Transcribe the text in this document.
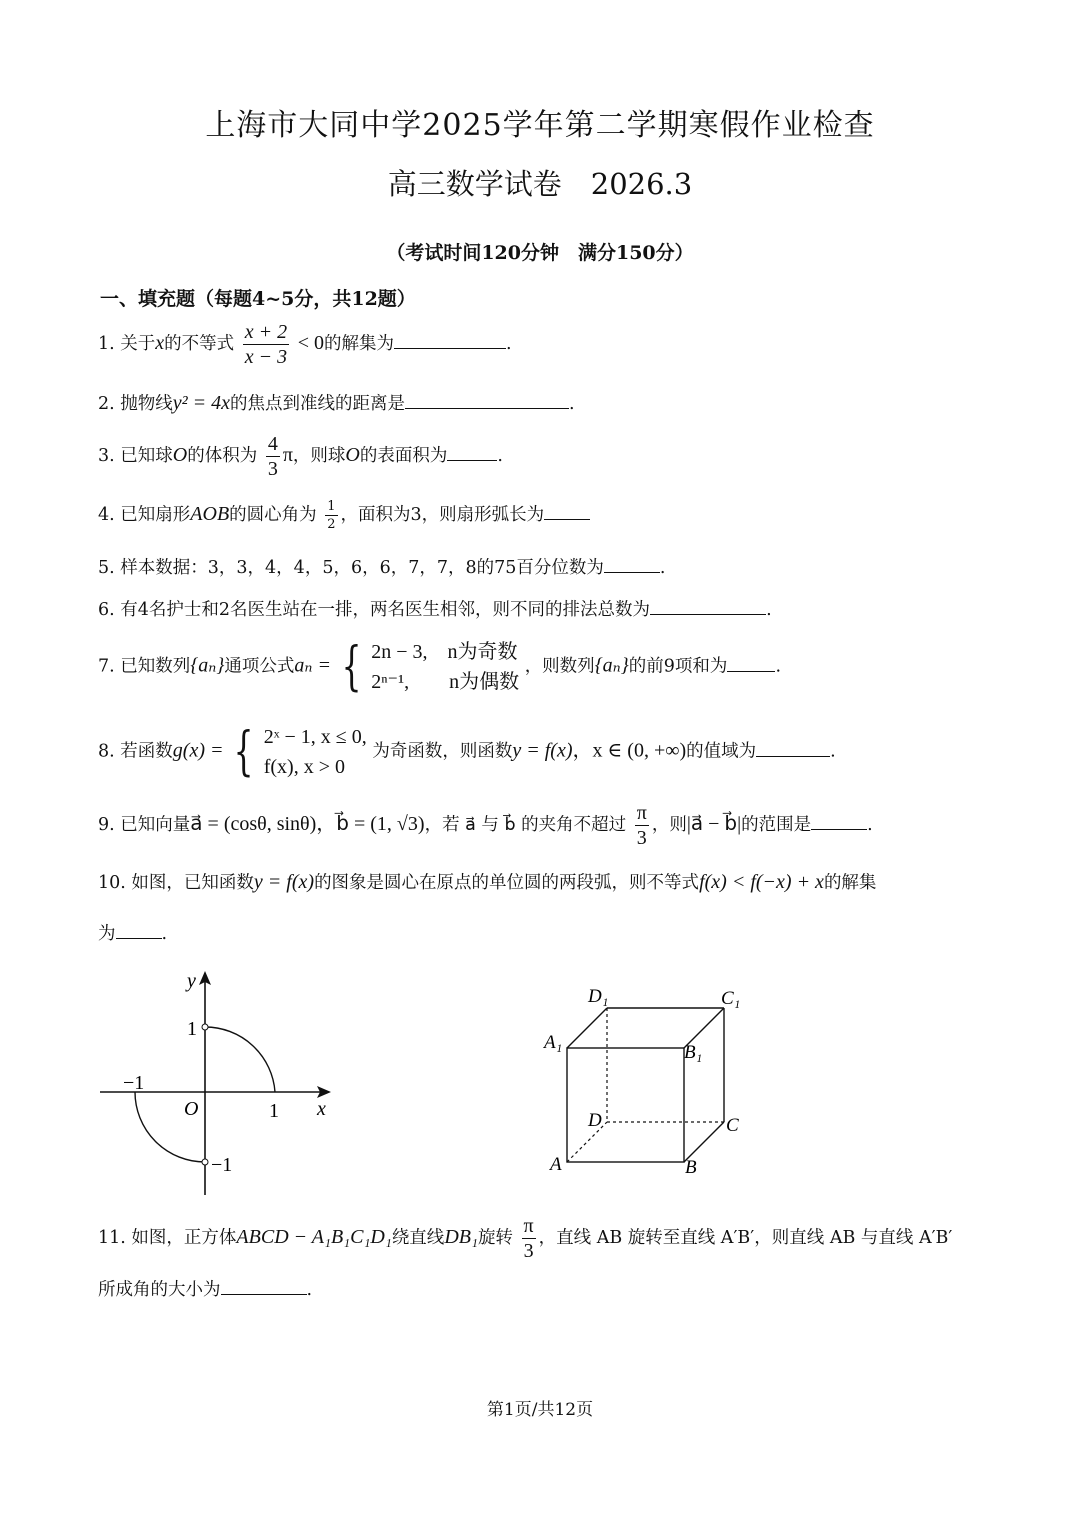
上海市大同中学2025学年第二学期寒假作业检查
高三数学试卷　2026.3
（考试时间120分钟　满分150分）
一、填充题（每题4~5分，共12题）
1. 关于x的不等式 $\frac{x + 2}{x - 3} < 0$的解集为	.
2. 抛物线y² = 4x的焦点到准线的距离是	.
3. 已知球O的体积为 $\frac{4}{3}$ π，则球O的表面积为	.
4. 已知扇形AOB的圆心角为 $\frac{1}{2}$ ，面积为3，则扇形弧长为
5. 样本数据：3，3，4，4，5，6，6，7，7，8的75百分位数为	.
6. 有4名护士和2名医生站在一排，两名医生相邻，则不同的排法总数为	.
7. 已知数列{aₙ}通项公式aₙ = { 2n − 3,　n为奇数
2ⁿ⁻¹,　　n为偶数
，则数列{aₙ}的前9项和为	.
8. 若函数g(x) = { 2ˣ − 1, x ≤ 0,
f(x), x > 0
为奇函数，则函数y = f(x)，x ∈ (0, +∞)的值域为	.
9. 已知向量a⃗ = (cosθ, sinθ)，b⃗ = (1, √3)，若 a⃗ 与 b⃗ 的夹角不超过 $\frac{\pi}{3}$ ，则|a⃗ − b⃗|的范围是	.
10. 如图，已知函数y = f(x)的图象是圆心在原点的单位圆的两段弧，则不等式f(x) < f(−x) + x的解集
为	.
y
x
O
1
−1
1
−1
D₁	C₁
A₁	B₁
D	C
A	B
11. 如图，正方体ABCD − A₁B₁C₁D₁绕直线DB₁旋转 $\frac{\pi}{3}$ ，直线 AB 旋转至直线 A′B′，则直线 AB 与直线 A′B′
所成角的大小为	.
第1页/共12页
